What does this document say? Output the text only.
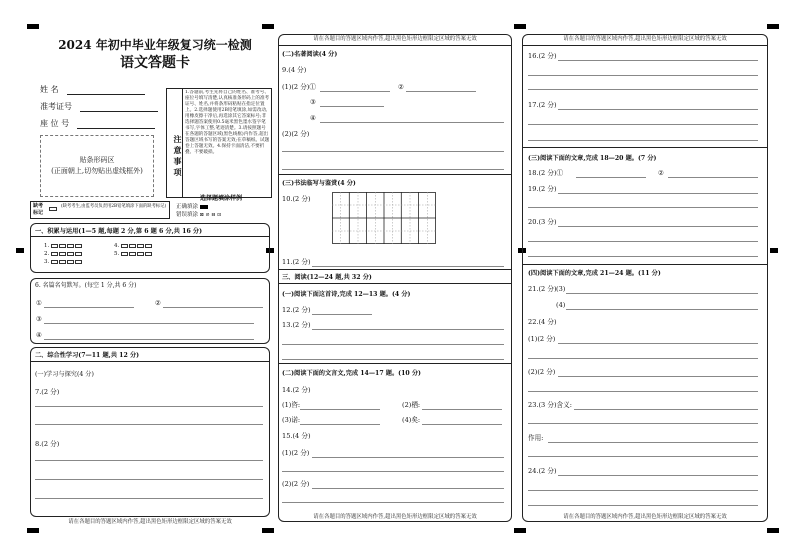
2024 年初中毕业年级复习统一检测
语文答题卡
姓 名
准考证号
座 位 号
贴条形码区
(正面朝上,切勿贴出虚线框外)	注意事项
1.答题前,考生先将自己的姓名、准考号、座位号填写清楚,认真核准条形码上的准考证号、姓名,并将条形码粘贴在指定位置上。2.选择题使用2B铅笔填涂,如需改动,用橡皮擦干净后,再选涂其它答案标号;非选择题答案使用0.5毫米黑色墨水签字笔书写,字体工整,笔迹清楚。3.请按照题号在各题的答题区域(黑色线框)内作答,超出答题区域书写的答案无效;在草稿纸、试题卷上答题无效。4.保持卡面清洁,不要折叠、不要破损。
缺考
标记
(缺考考生,由监考员负责用2B铅笔填涂下面的缺考标记)
选择题填涂样例
正确填涂
错误填涂 ⊠ ⊘ ⊟ ⊡
一、积累与运用(1—5 题,每题 2 分,第 6 题 6 分,共 16 分)
1.
2.
3.
4.
5.
6. 名篇名句默写。(每空 1 分,共 6 分)
①	②
③
④
二、综合性学习(7—11 题,共 12 分)
(一)学习与探究(4 分)
7.(2 分)
8.(2 分)
请在各题目的答题区域内作答,超出黑色矩形边框限定区域的答案无效
请在各题目的答题区域内作答,超出黑色矩形边框限定区域的答案无效
(二)名著阅读(4 分)
9.(4 分)
(1)(2 分)①	②
③
④
(2)(2 分)
(三)书法临写与鉴赏(4 分)
10.(2 分)
11.(2 分)
三、阅读(12—24 题,共 32 分)
(一)阅读下面这首诗,完成 12—13 题。(4 分)
12.(2 分)
13.(2 分)
(二)阅读下面的文言文,完成 14—17 题。(10 分)
14.(2 分)
(1)咨:	(2)栖:
(3)诺:	(4)矣:
15.(4 分)
(1)(2 分)
(2)(2 分)
请在各题目的答题区域内作答,超出黑色矩形边框限定区域的答案无效
请在各题目的答题区域内作答,超出黑色矩形边框限定区域的答案无效
16.(2 分)
17.(2 分)
(三)阅读下面的文章,完成 18—20 题。(7 分)
18.(2 分)①	②
19.(2 分)
20.(3 分)
(四)阅读下面的文章,完成 21—24 题。(11 分)
21.(2 分) (3)
(4)
22.(4 分)
(1)(2 分)
(2)(2 分)
23.(3 分)含义:
作用:
24.(2 分)
请在各题目的答题区域内作答,超出黑色矩形边框限定区域的答案无效
